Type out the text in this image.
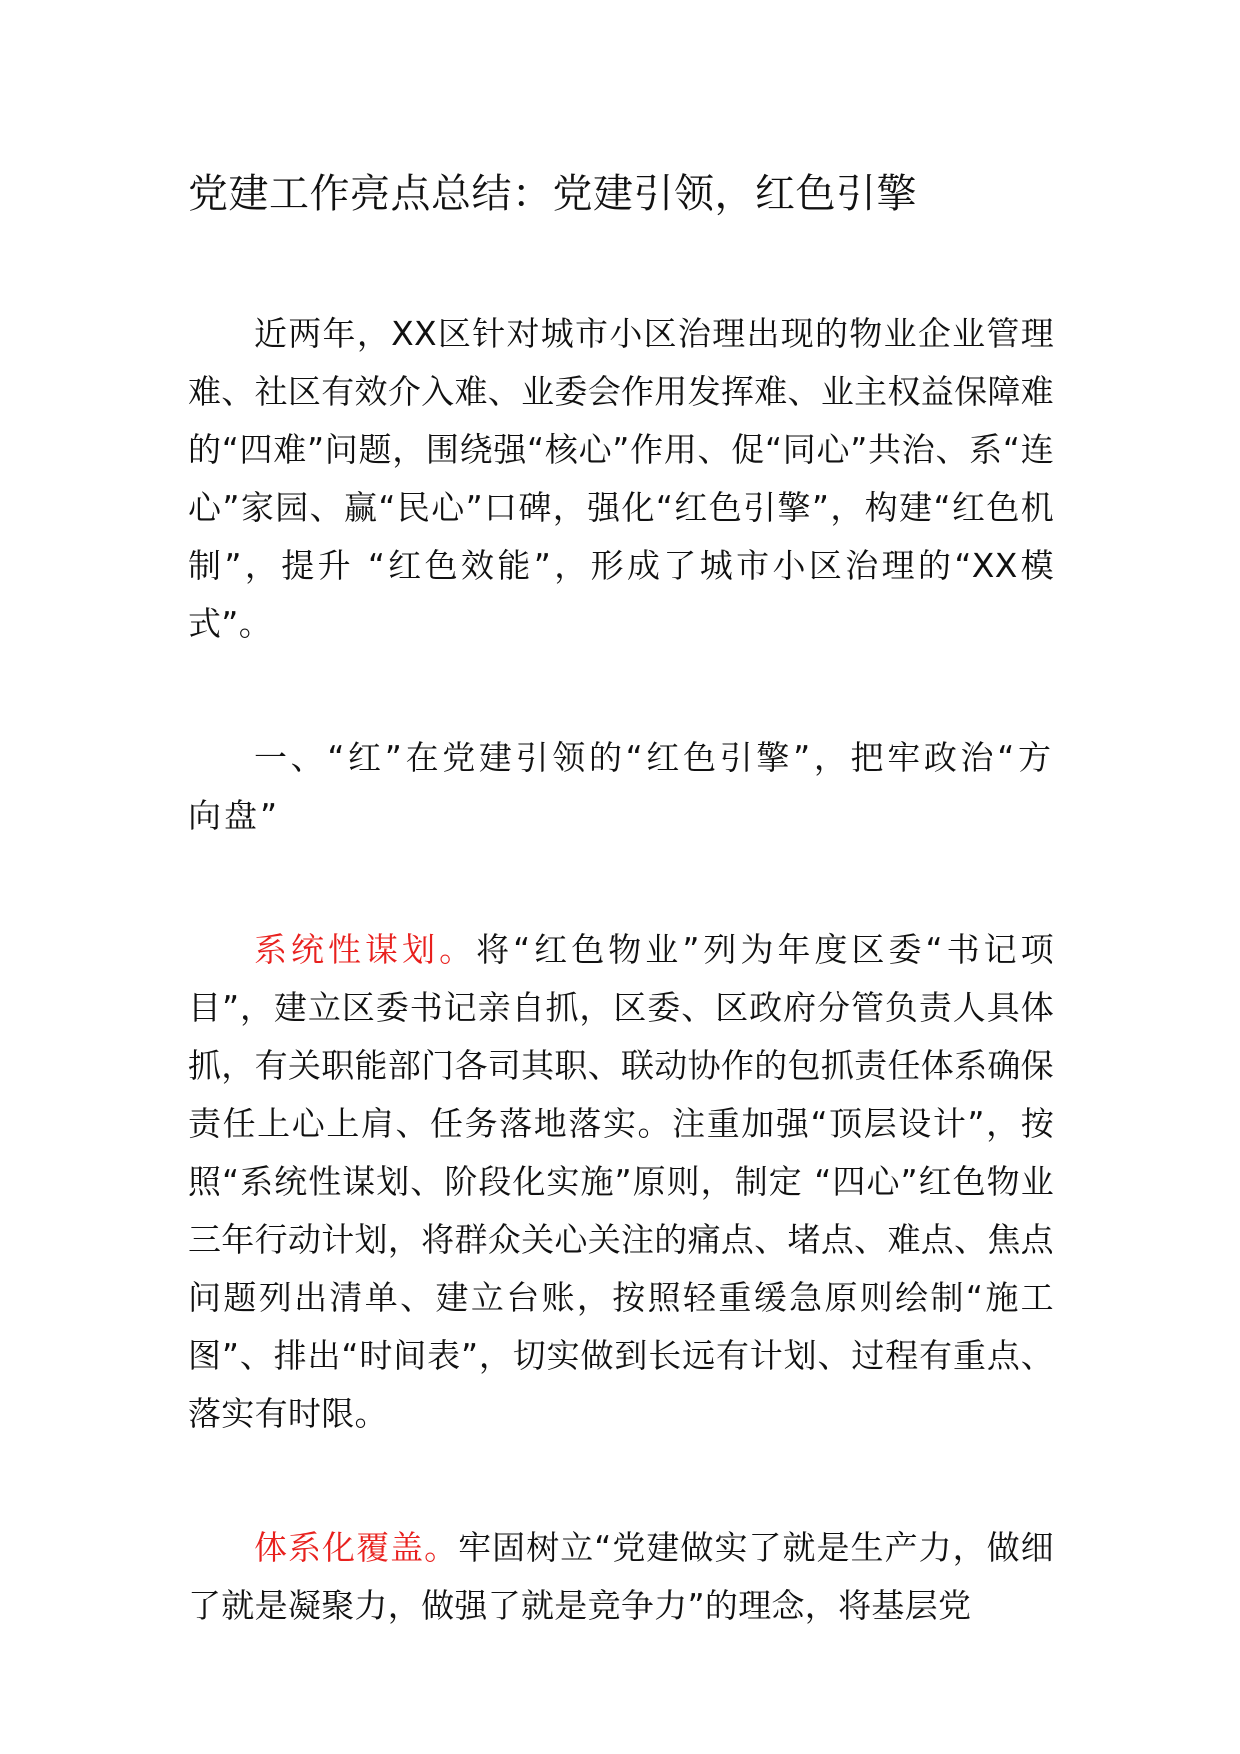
党建工作亮点总结：党建引领，红色引擎

近两年，XX区针对城市小区治理出现的物业企业管理难、社区有效介入难、业委会作用发挥难、业主权益保障难的“四难”问题，围绕强“核心”作用、促“同心”共治、系“连心”家园、赢“民心”口碑，强化“红色引擎”，构建“红色机制”，提升 “红色效能”，形成了城市小区治理的“XX模式”。

一、“红”在党建引领的“红色引擎”，把牢政治“方向盘”

系统性谋划。将“红色物业”列为年度区委“书记项目”，建立区委书记亲自抓，区委、区政府分管负责人具体抓，有关职能部门各司其职、联动协作的包抓责任体系确保责任上心上肩、任务落地落实。注重加强“顶层设计”，按照“系统性谋划、阶段化实施”原则，制定 “四心”红色物业三年行动计划，将群众关心关注的痛点、堵点、难点、焦点问题列出清单、建立台账，按照轻重缓急原则绘制“施工图”、排出“时间表”，切实做到长远有计划、过程有重点、落实有时限。

体系化覆盖。牢固树立“党建做实了就是生产力，做细了就是凝聚力，做强了就是竞争力”的理念，将基层党
